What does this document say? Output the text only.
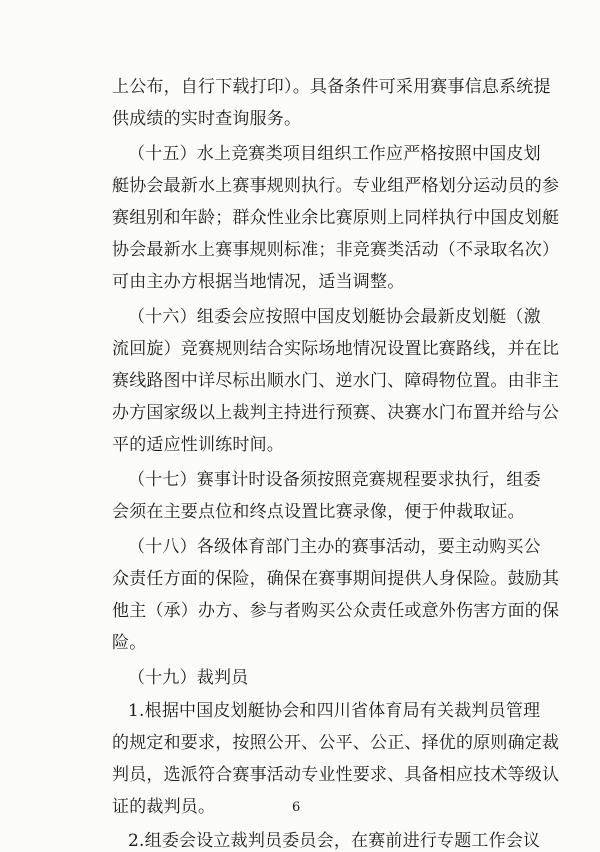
上公布，自行下载打印）。具备条件可采用赛事信息系统提
供成绩的实时查询服务。
（十五）水上竞赛类项目组织工作应严格按照中国皮划
艇协会最新水上赛事规则执行。专业组严格划分运动员的参
赛组别和年龄；群众性业余比赛原则上同样执行中国皮划艇
协会最新水上赛事规则标准；非竞赛类活动（不录取名次）
可由主办方根据当地情况，适当调整。
（十六）组委会应按照中国皮划艇协会最新皮划艇（激
流回旋）竞赛规则结合实际场地情况设置比赛路线，并在比
赛线路图中详尽标出顺水门、逆水门、障碍物位置。由非主
办方国家级以上裁判主持进行预赛、决赛水门布置并给与公
平的适应性训练时间。
（十七）赛事计时设备须按照竞赛规程要求执行，组委
会须在主要点位和终点设置比赛录像，便于仲裁取证。
（十八）各级体育部门主办的赛事活动，要主动购买公
众责任方面的保险，确保在赛事期间提供人身保险。鼓励其
他主（承）办方、参与者购买公众责任或意外伤害方面的保
险。
（十九）裁判员
1.根据中国皮划艇协会和四川省体育局有关裁判员管理
的规定和要求，按照公开、公平、公正、择优的原则确定裁
判员，选派符合赛事活动专业性要求、具备相应技术等级认
证的裁判员。
2.组委会设立裁判员委员会，在赛前进行专题工作会议
6
